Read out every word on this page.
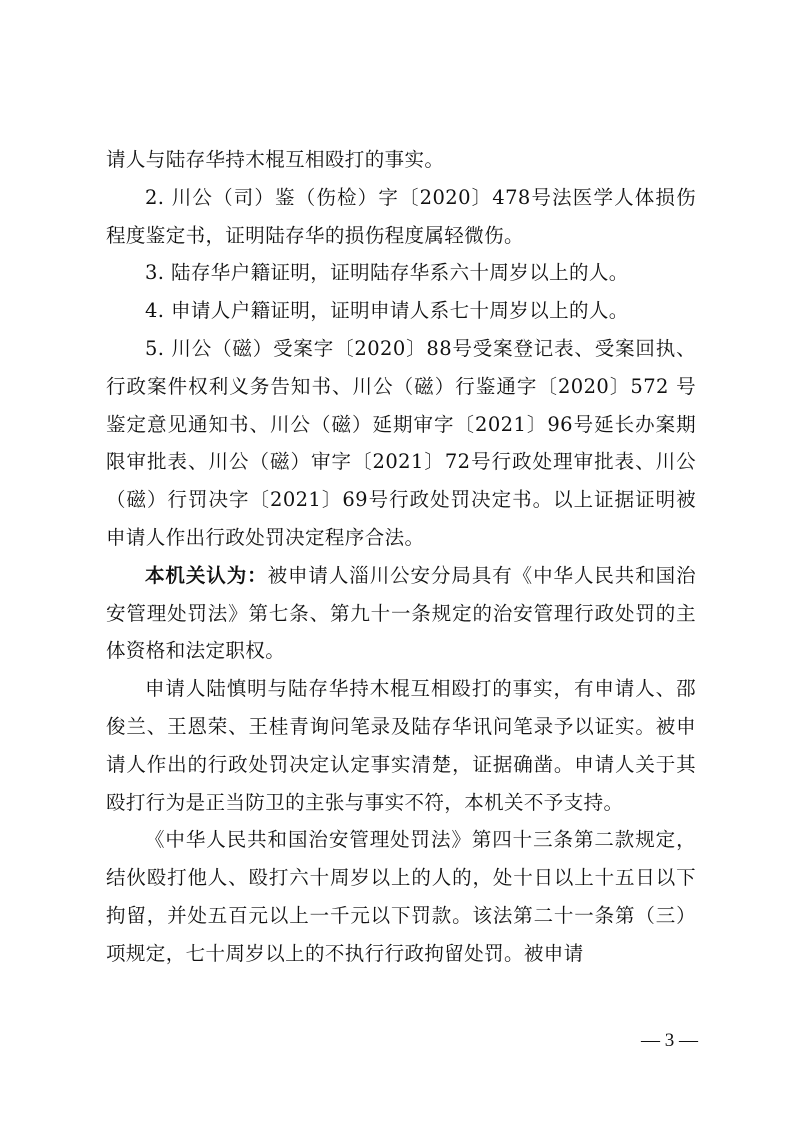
请人与陆存华持木棍互相殴打的事实。

2. 川公（司）鉴（伤检）字〔2020〕478号法医学人体损伤程度鉴定书，证明陆存华的损伤程度属轻微伤。

3. 陆存华户籍证明，证明陆存华系六十周岁以上的人。

4. 申请人户籍证明，证明申请人系七十周岁以上的人。

5. 川公（磁）受案字〔2020〕88号受案登记表、受案回执、行政案件权利义务告知书、川公（磁）行鉴通字〔2020〕572 号鉴定意见通知书、川公（磁）延期审字〔2021〕96号延长办案期限审批表、川公（磁）审字〔2021〕72号行政处理审批表、川公（磁）行罚决字〔2021〕69号行政处罚决定书。以上证据证明被申请人作出行政处罚决定程序合法。

本机关认为：被申请人淄川公安分局具有《中华人民共和国治安管理处罚法》第七条、第九十一条规定的治安管理行政处罚的主体资格和法定职权。

申请人陆慎明与陆存华持木棍互相殴打的事实，有申请人、邵俊兰、王恩荣、王桂青询问笔录及陆存华讯问笔录予以证实。被申请人作出的行政处罚决定认定事实清楚，证据确凿。申请人关于其殴打行为是正当防卫的主张与事实不符，本机关不予支持。

《中华人民共和国治安管理处罚法》第四十三条第二款规定，结伙殴打他人、殴打六十周岁以上的人的，处十日以上十五日以下拘留，并处五百元以上一千元以下罚款。该法第二十一条第（三）项规定，七十周岁以上的不执行行政拘留处罚。被申请

— 3 —
